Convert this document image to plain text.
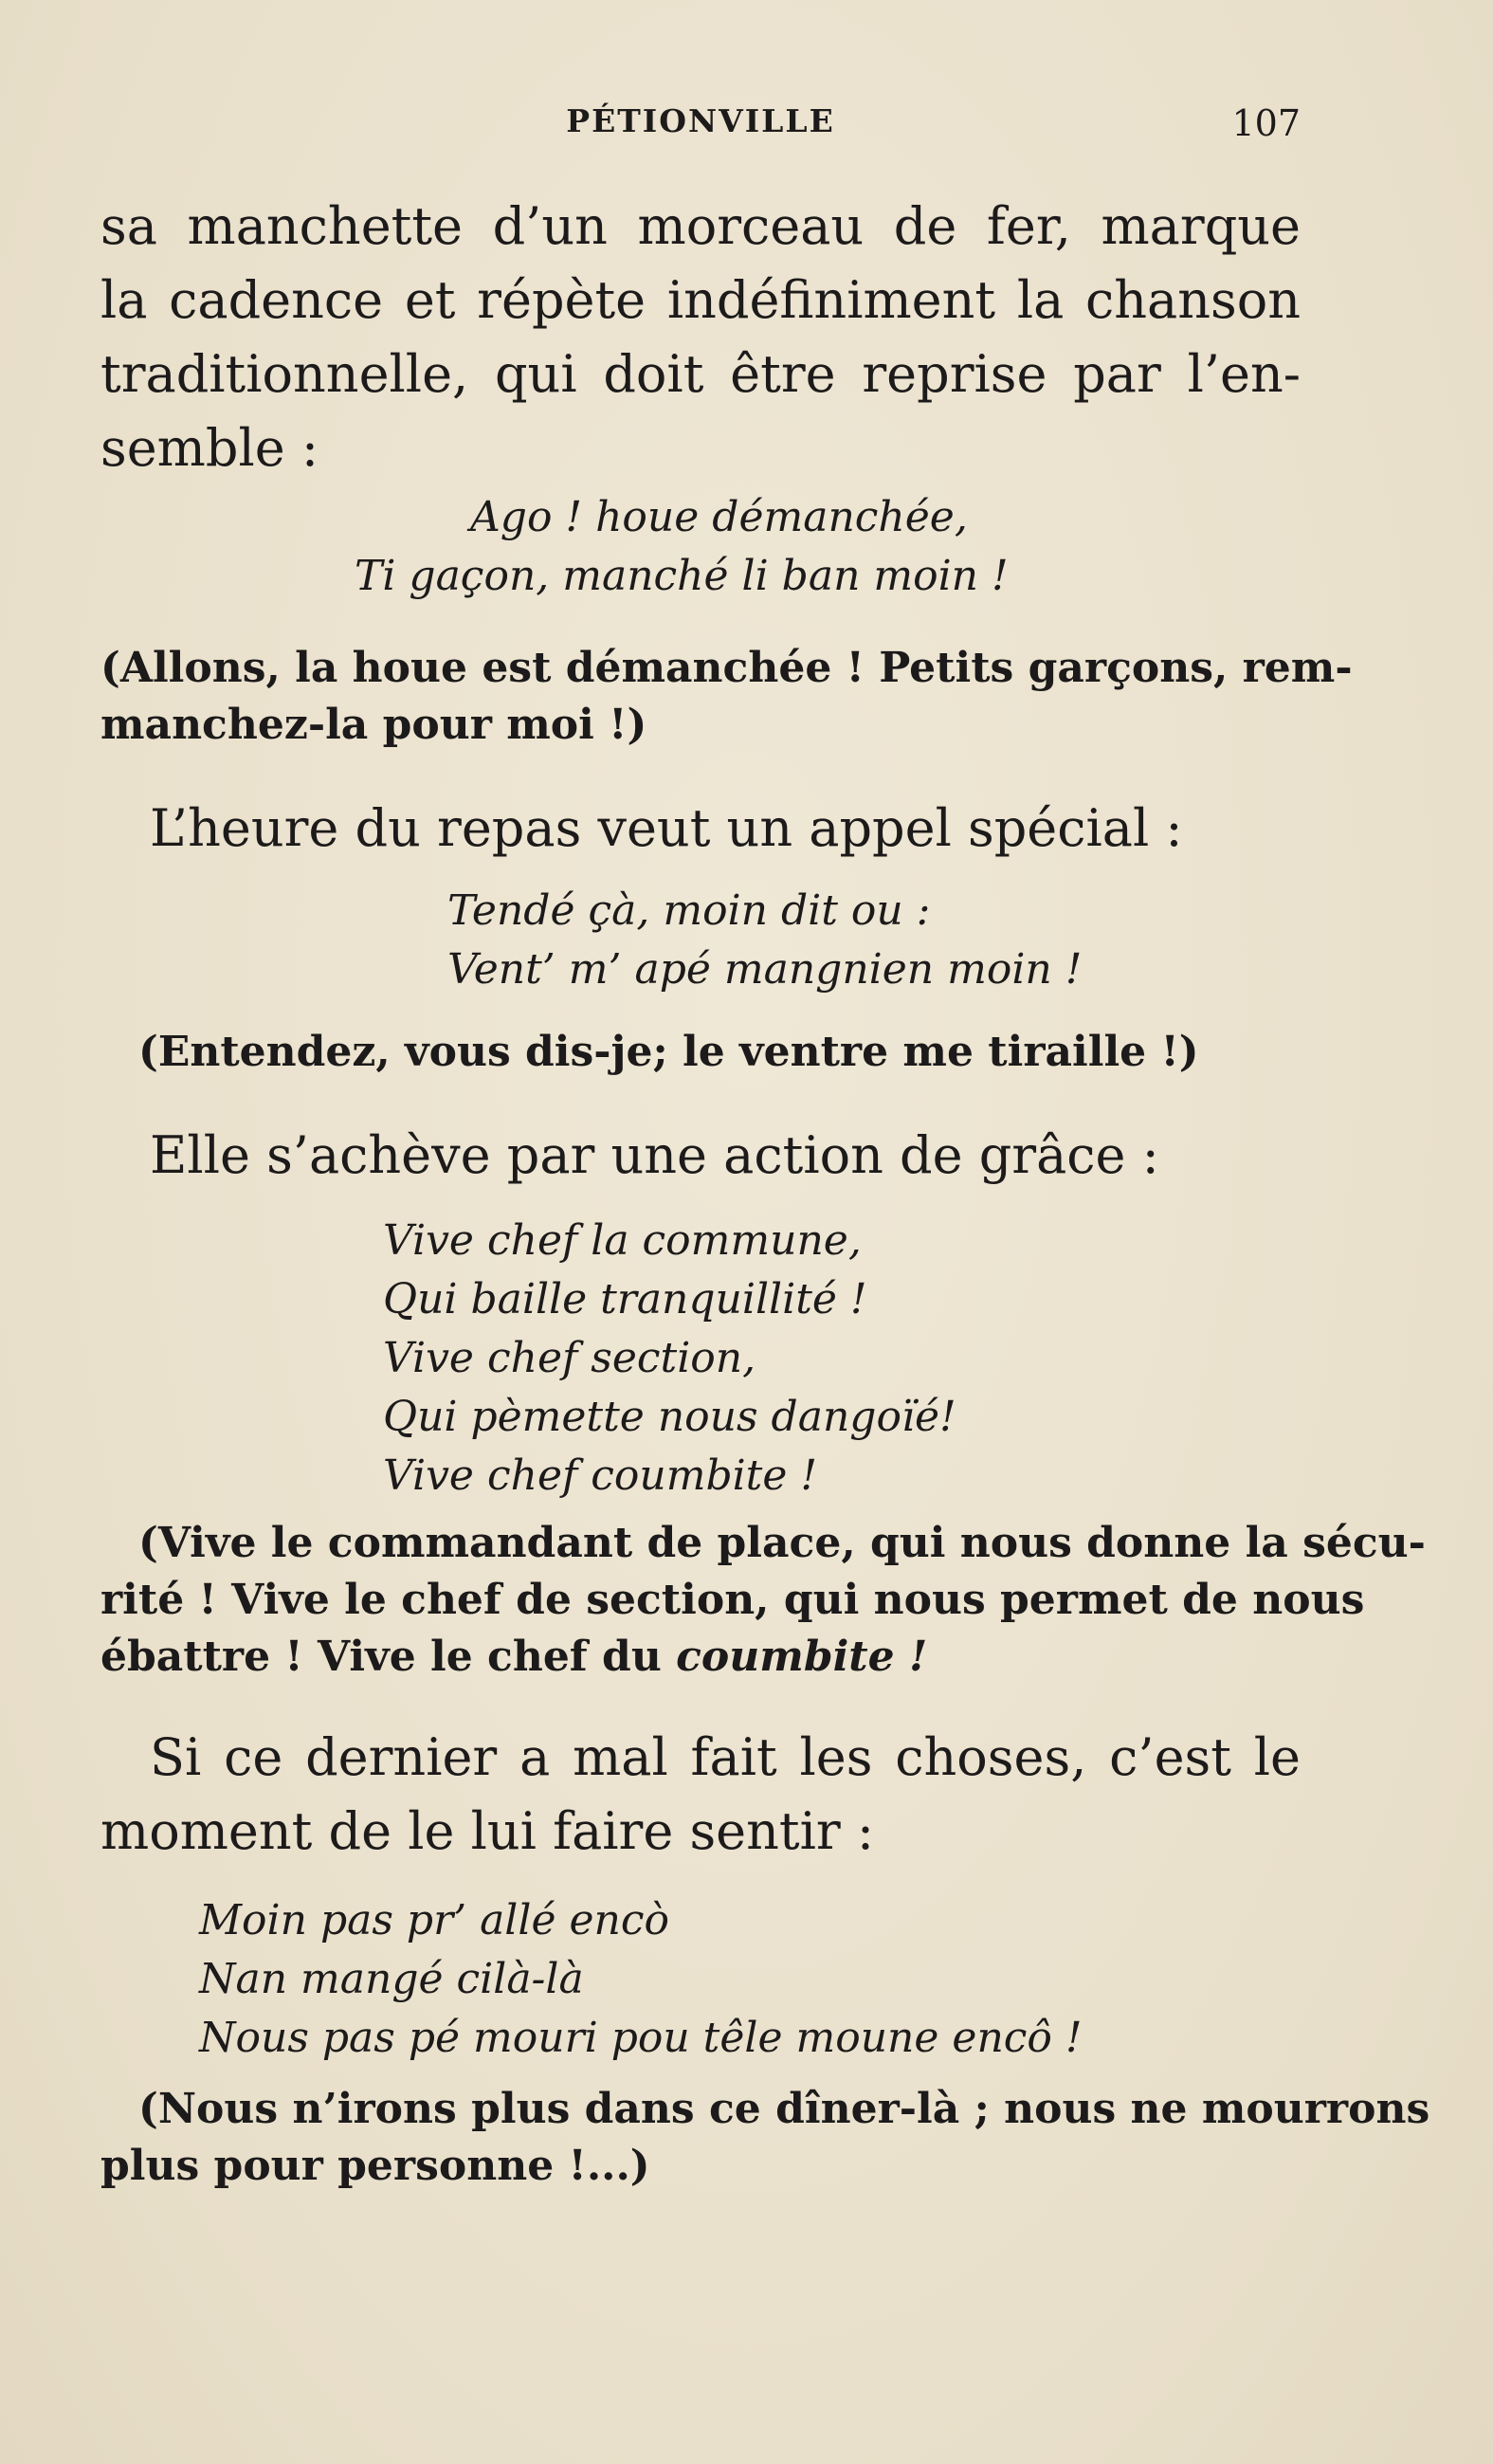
PÉTIONVILLE	107
sa manchette d’un morceau de fer, marque
la cadence et répète indéfiniment la chanson
traditionnelle, qui doit être reprise par l’en-
semble :
Ago ! houe démanchée,
Ti gaçon, manché li ban moin !
(Allons, la houe est démanchée ! Petits garçons, rem-
manchez-la pour moi !)
L’heure du repas veut un appel spécial :
Tendé çà, moin dit ou :
Vent’ m’ apé mangnien moin !
(Entendez, vous dis-je; le ventre me tiraille !)
Elle s’achève par une action de grâce :
Vive chef la commune,
Qui baille tranquillité !
Vive chef section,
Qui pèmette nous dangoïé!
Vive chef coumbite !
(Vive le commandant de place, qui nous donne la sécu-
rité ! Vive le chef de section, qui nous permet de nous
ébattre ! Vive le chef du coumbite !
Si ce dernier a mal fait les choses, c’est le
moment de le lui faire sentir :
Moin pas pr’ allé encò
Nan mangé cilà-là
Nous pas pé mouri pou têle moune encô !
(Nous n’irons plus dans ce dîner-là ; nous ne mourrons
plus pour personne !...)
